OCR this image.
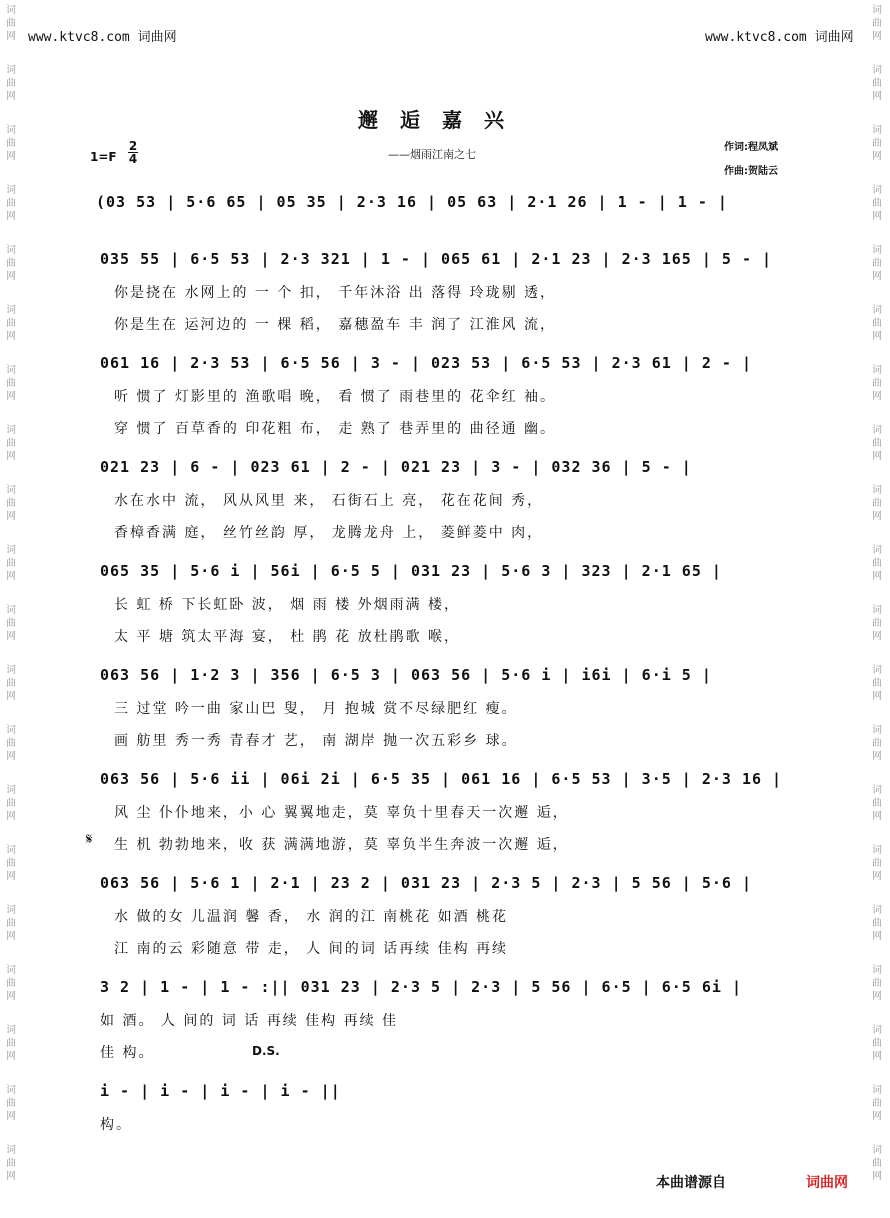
词曲网
词曲网
词曲网
词曲网
词曲网
词曲网
词曲网
词曲网
词曲网
词曲网
词曲网
词曲网
词曲网
词曲网
词曲网
词曲网
词曲网
词曲网
词曲网
词曲网
词曲网
词曲网
词曲网
词曲网
词曲网
词曲网
词曲网
词曲网
词曲网
词曲网
词曲网
词曲网
词曲网
词曲网
词曲网
词曲网
词曲网
词曲网
词曲网
词曲网
www.ktvc8.com 词曲网	www.ktvc8.com 词曲网
邂逅嘉兴
——烟雨江南之七
作词:程凤斌
作曲:贺陆云
1=F
2
4
(03 53 | 5·6 65 | 05 35 | 2·3 16 | 05 63 | 2·1 26 | 1 - | 1 - |
035 55 | 6·5 53 | 2·3 321 | 1 - | 065 61 | 2·1 23 | 2·3 165 | 5 - |
你是挠在 水网上的 一 个 扣， 千年沐浴 出 落得 玲珑剔 透，
你是生在 运河边的 一 棵 稻， 嘉穗盈车 丰 润了 江淮风 流，
061 16 | 2·3 53 | 6·5 56 | 3 - | 023 53 | 6·5 53 | 2·3 61 | 2 - |
听 惯了 灯影里的 渔歌唱 晚， 看 惯了 雨巷里的 花伞红 袖。
穿 惯了 百草香的 印花粗 布， 走 熟了 巷弄里的 曲径通 幽。
021 23 | 6 - | 023 61 | 2 - | 021 23 | 3 - | 032 36 | 5 - |
水在水中 流， 风从风里 来， 石街石上 亮， 花在花间 秀，
香樟香满 庭， 丝竹丝韵 厚， 龙腾龙舟 上， 菱鲜菱中 肉，
065 35 | 5·6 i | 56i | 6·5 5 | 031 23 | 5·6 3 | 323 | 2·1 65 |
长 虹 桥 下长虹卧 波， 烟 雨 楼 外烟雨满 楼，
太 平 塘 筑太平海 宴， 杜 鹃 花 放杜鹃歌 喉，
063 56 | 1·2 3 | 356 | 6·5 3 | 063 56 | 5·6 i | i6i | 6·i 5 |
三 过堂 吟一曲 家山巴 叟， 月 抱城 赏不尽绿肥红 瘦。
画 舫里 秀一秀 青春才 艺， 南 湖岸 抛一次五彩乡 球。
063 56 | 5·6 ii | 06i 2i | 6·5 35 | 061 16 | 6·5 53 | 3·5 | 2·3 16 |
风 尘 仆仆地来，小 心 翼翼地走，莫 辜负十里春天一次邂 逅，
𝄋 生 机 勃勃地来，收 获 满满地游，莫 辜负半生奔波一次邂 逅，
063 56 | 5·6 1 | 2·1 | 23 2 | 031 23 | 2·3 5 | 2·3 | 5 56 | 5·6 |
水 做的女 儿温润 馨 香， 水 润的江 南桃花 如酒 桃花
江 南的云 彩随意 带 走， 人 间的词 话再续 佳构 再续
3 2 | 1 - | 1 - :|| 031 23 | 2·3 5 | 2·3 | 5 56 | 6·5 | 6·5 6i |
如 酒。 人 间的 词 话 再续 佳构 再续 佳
佳 构。	D.S.
i - | i - | i - | i - ||
构。
本曲谱源自	词曲网
